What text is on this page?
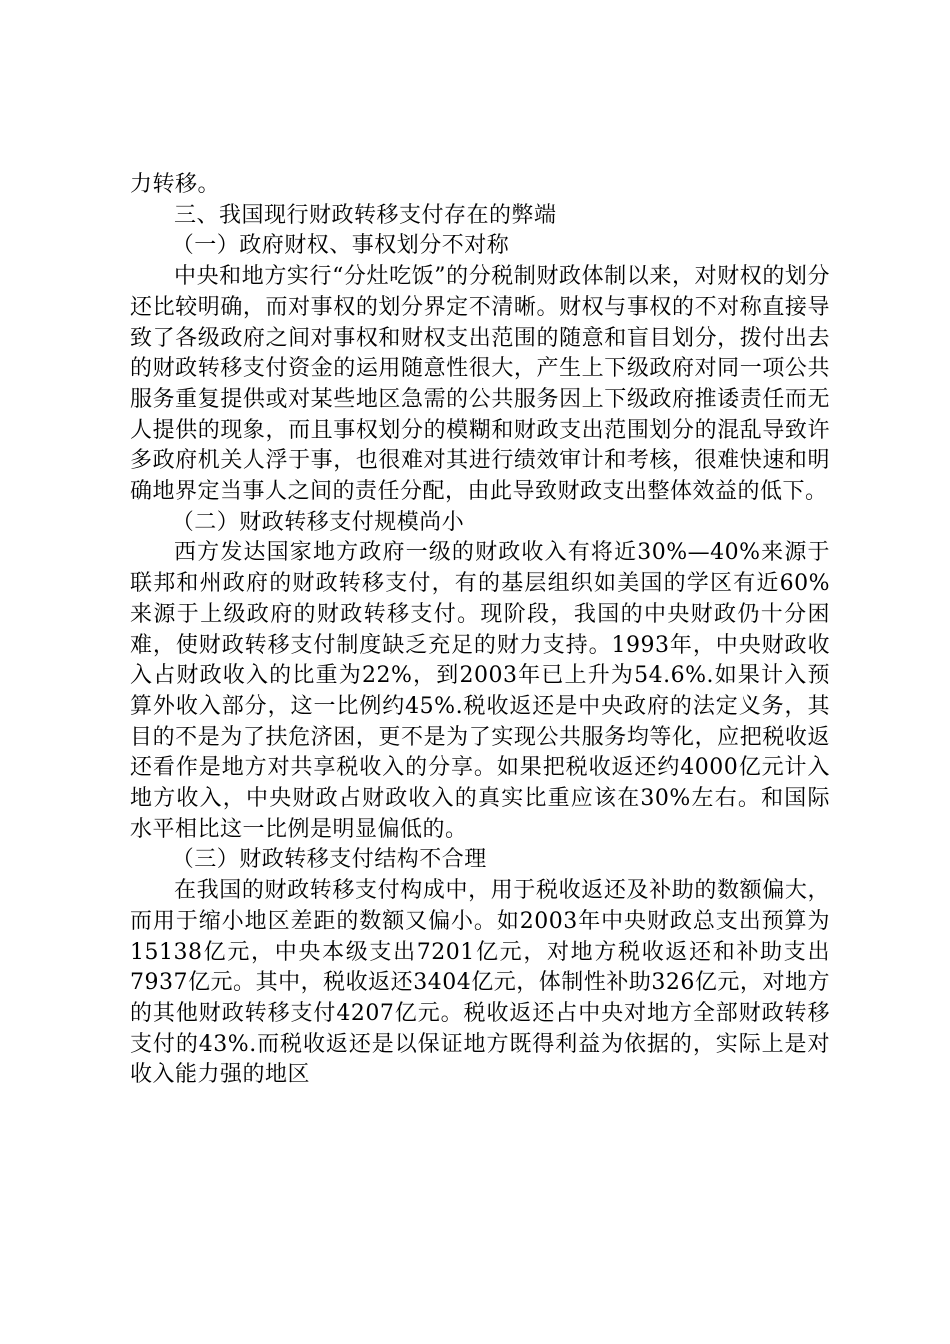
力转移。

三、我国现行财政转移支付存在的弊端

（一）政府财权、事权划分不对称

中央和地方实行“分灶吃饭”的分税制财政体制以来，对财权的划分还比较明确，而对事权的划分界定不清晰。财权与事权的不对称直接导致了各级政府之间对事权和财权支出范围的随意和盲目划分，拨付出去的财政转移支付资金的运用随意性很大，产生上下级政府对同一项公共服务重复提供或对某些地区急需的公共服务因上下级政府推诿责任而无人提供的现象，而且事权划分的模糊和财政支出范围划分的混乱导致许多政府机关人浮于事，也很难对其进行绩效审计和考核，很难快速和明确地界定当事人之间的责任分配，由此导致财政支出整体效益的低下。

（二）财政转移支付规模尚小

西方发达国家地方政府一级的财政收入有将近30%—40%来源于联邦和州政府的财政转移支付，有的基层组织如美国的学区有近60%来源于上级政府的财政转移支付。现阶段，我国的中央财政仍十分困难，使财政转移支付制度缺乏充足的财力支持。1993年，中央财政收入占财政收入的比重为22%，到2003年已上升为54.6%.如果计入预算外收入部分，这一比例约45%.税收返还是中央政府的法定义务，其目的不是为了扶危济困，更不是为了实现公共服务均等化，应把税收返还看作是地方对共享税收入的分享。如果把税收返还约4000亿元计入地方收入，中央财政占财政收入的真实比重应该在30%左右。和国际水平相比这一比例是明显偏低的。

（三）财政转移支付结构不合理

在我国的财政转移支付构成中，用于税收返还及补助的数额偏大，而用于缩小地区差距的数额又偏小。如2003年中央财政总支出预算为15138亿元，中央本级支出7201亿元，对地方税收返还和补助支出7937亿元。其中，税收返还3404亿元，体制性补助326亿元，对地方的其他财政转移支付4207亿元。税收返还占中央对地方全部财政转移支付的43%.而税收返还是以保证地方既得利益为依据的，实际上是对收入能力强的地区
